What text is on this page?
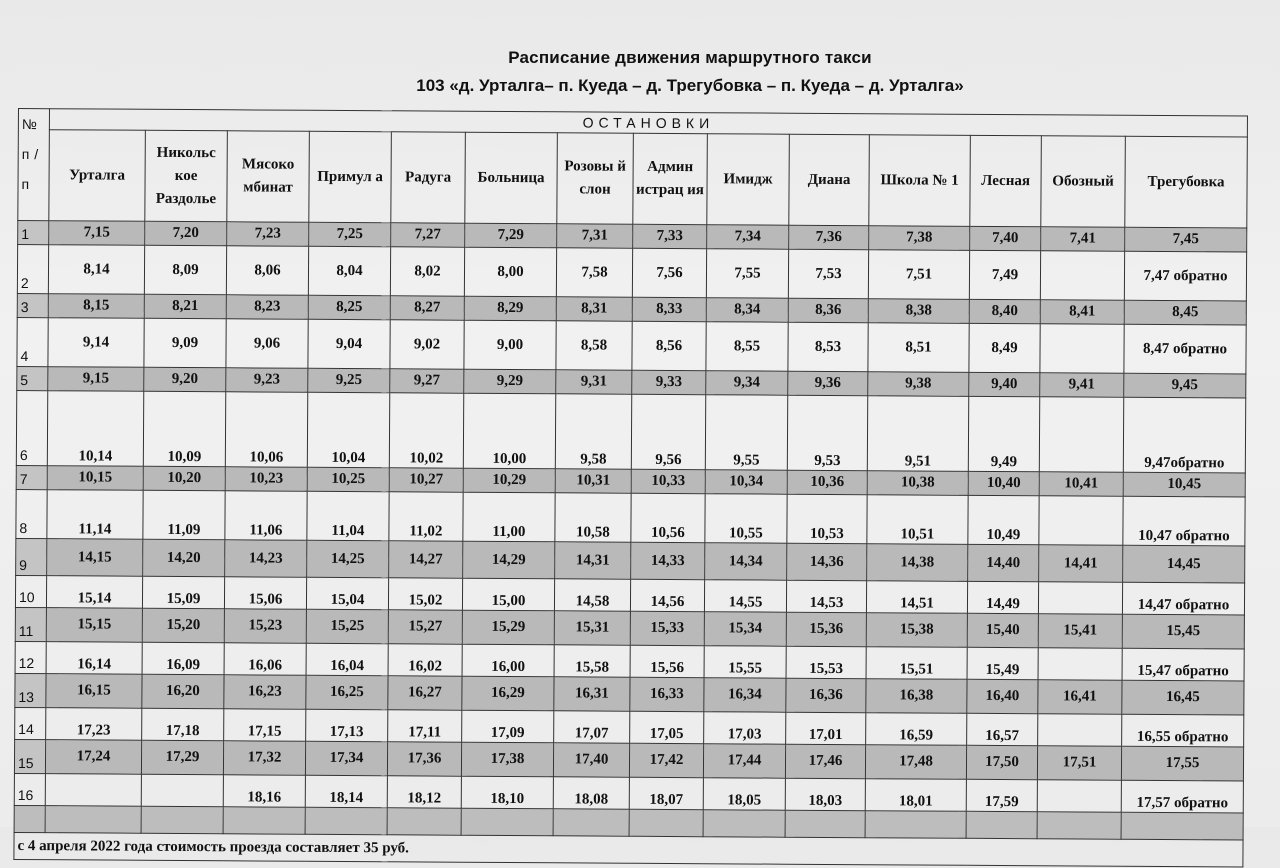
Расписание движения маршрутного такси
103 «д. Урталга– п. Куеда – д. Трегубовка – п. Куеда – д. Урталга»
№
п/
п	ОСТАНОВКИ													
	Урталга	Никольс кое Раздолье	Мясоко мбинат	Примул а	Радуга	Больница	Розовы й слон	Админ истрац ия	Имидж	Диана	Школа № 1	Лесная	Обозный	Трегубовка
1	7,15	7,20	7,23	7,25	7,27	7,29	7,31	7,33	7,34	7,36	7,38	7,40	7,41	7,45
2	8,14	8,09	8,06	8,04	8,02	8,00	7,58	7,56	7,55	7,53	7,51	7,49		7,47 обратно
3	8,15	8,21	8,23	8,25	8,27	8,29	8,31	8,33	8,34	8,36	8,38	8,40	8,41	8,45
4	9,14	9,09	9,06	9,04	9,02	9,00	8,58	8,56	8,55	8,53	8,51	8,49		8,47 обратно
5	9,15	9,20	9,23	9,25	9,27	9,29	9,31	9,33	9,34	9,36	9,38	9,40	9,41	9,45
6	10,14	10,09	10,06	10,04	10,02	10,00	9,58	9,56	9,55	9,53	9,51	9,49		9,47обратно
7	10,15	10,20	10,23	10,25	10,27	10,29	10,31	10,33	10,34	10,36	10,38	10,40	10,41	10,45
8	11,14	11,09	11,06	11,04	11,02	11,00	10,58	10,56	10,55	10,53	10,51	10,49		10,47 обратно
9	14,15	14,20	14,23	14,25	14,27	14,29	14,31	14,33	14,34	14,36	14,38	14,40	14,41	14,45
10	15,14	15,09	15,06	15,04	15,02	15,00	14,58	14,56	14,55	14,53	14,51	14,49		14,47 обратно
11	15,15	15,20	15,23	15,25	15,27	15,29	15,31	15,33	15,34	15,36	15,38	15,40	15,41	15,45
12	16,14	16,09	16,06	16,04	16,02	16,00	15,58	15,56	15,55	15,53	15,51	15,49		15,47 обратно
13	16,15	16,20	16,23	16,25	16,27	16,29	16,31	16,33	16,34	16,36	16,38	16,40	16,41	16,45
14	17,23	17,18	17,15	17,13	17,11	17,09	17,07	17,05	17,03	17,01	16,59	16,57		16,55 обратно
15	17,24	17,29	17,32	17,34	17,36	17,38	17,40	17,42	17,44	17,46	17,48	17,50	17,51	17,55
16			18,16	18,14	18,12	18,10	18,08	18,07	18,05	18,03	18,01	17,59		17,57 обратно

с 4 апреля 2022 года стоимость проезда составляет 35 руб.														
